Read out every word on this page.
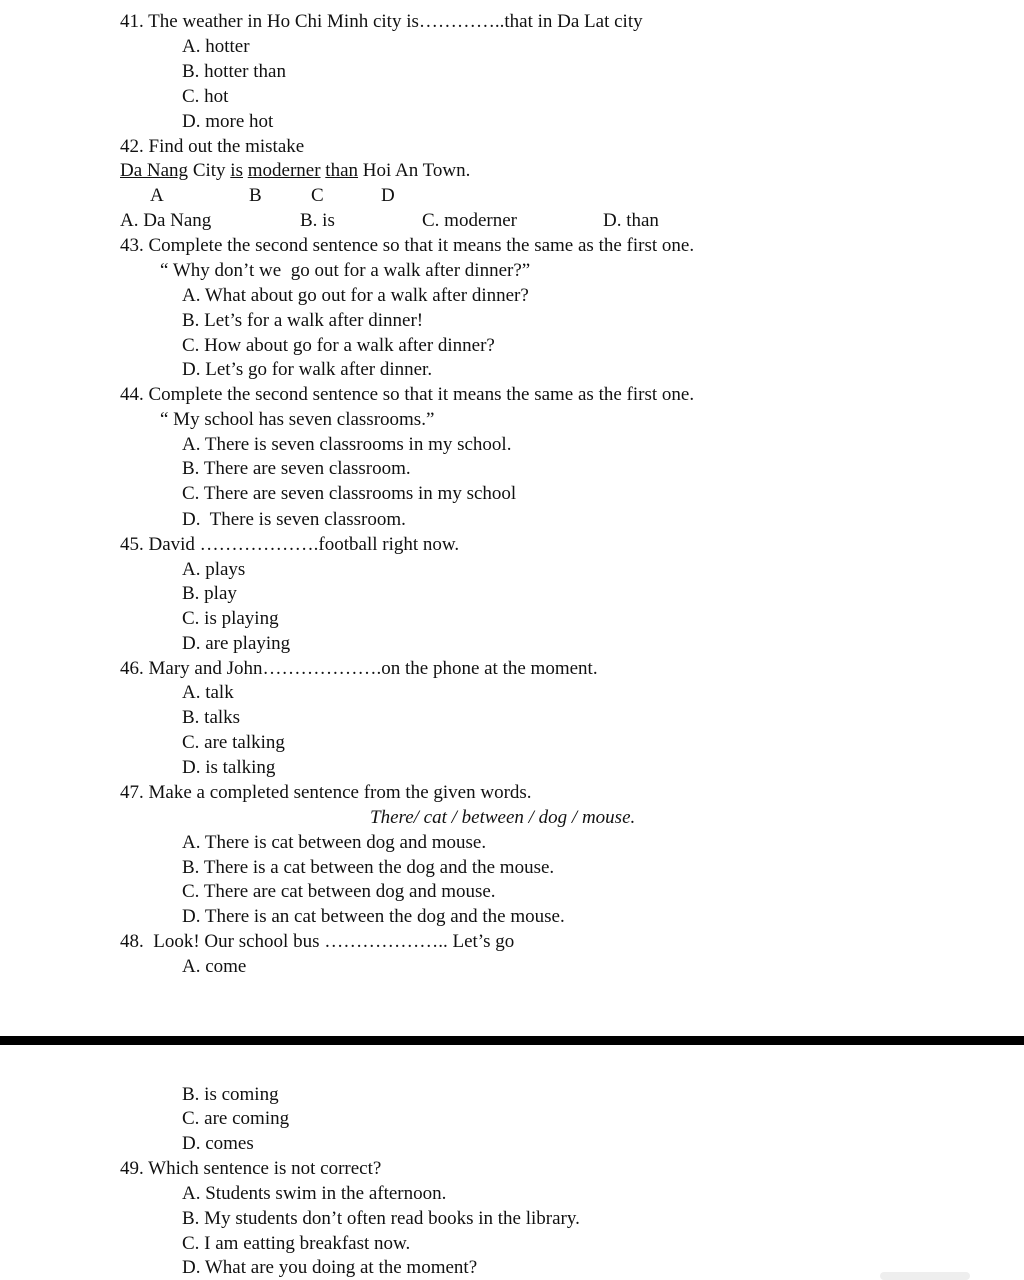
41. The weather in Ho Chi Minh city is…………..that in Da Lat city
A. hotter
B. hotter than
C. hot
D. more hot
42. Find out the mistake
Da Nang City is moderner than Hoi An Town.
A	B	C	D
A. Da Nang	B. is	C. moderner	D. than
43. Complete the second sentence so that it means the same as the first one.
“ Why don’t we  go out for a walk after dinner?”
A. What about go out for a walk after dinner?
B. Let’s for a walk after dinner!
C. How about go for a walk after dinner?
D. Let’s go for walk after dinner.
44. Complete the second sentence so that it means the same as the first one.
“ My school has seven classrooms.”
A. There is seven classrooms in my school.
B. There are seven classroom.
C. There are seven classrooms in my school
D.  There is seven classroom.
45. David ……………….football right now.
A. plays
B. play
C. is playing
D. are playing
46. Mary and John……………….on the phone at the moment.
A. talk
B. talks
C. are talking
D. is talking
47. Make a completed sentence from the given words.
There/ cat / between / dog / mouse.
A. There is cat between dog and mouse.
B. There is a cat between the dog and the mouse.
C. There are cat between dog and mouse.
D. There is an cat between the dog and the mouse.
48.  Look! Our school bus ……………….. Let’s go
A. come
B. is coming
C. are coming
D. comes
49. Which sentence is not correct?
A. Students swim in the afternoon.
B. My students don’t often read books in the library.
C. I am eatting breakfast now.
D. What are you doing at the moment?
